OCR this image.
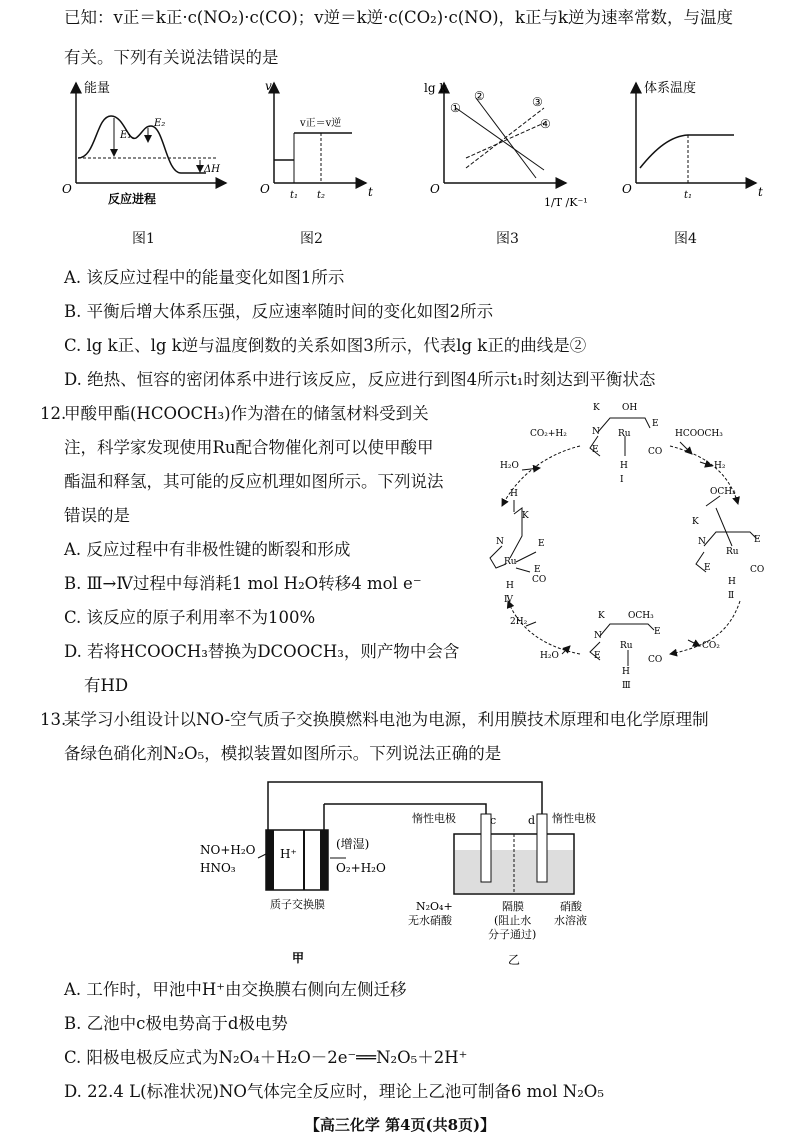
已知：v正＝k正·c(NO₂)·c(CO)；v逆＝k逆·c(CO₂)·c(NO)，k正与k逆为速率常数，与温度
有关。下列有关说法错误的是
O
能量
反应进程
E₁
E₂
ΔH
O
v
t
v正＝v逆
t₁ t₂	O
lg k
1/T /K⁻¹
①
②	③
④
O
体系温度
t
t₁
图1	图2	图3	图4
A. 该反应过程中的能量变化如图1所示
B. 平衡后增大体系压强，反应速率随时间的变化如图2所示
C. lg k正、lg k逆与温度倒数的关系如图3所示，代表lg k正的曲线是②
D. 绝热、恒容的密闭体系中进行该反应，反应进行到图4所示t₁时刻达到平衡状态
12.
甲酸甲酯(HCOOCH₃)作为潜在的储氢材料受到关
注，科学家发现使用Ru配合物催化剂可以使甲酸甲
酯温和释氢，其可能的反应机理如图所示。下列说法
错误的是
A. 反应过程中有非极性键的断裂和形成
B. Ⅲ→Ⅳ过程中每消耗1 mol H₂O转移4 mol e⁻
C. 该反应的原子利用率不为100%
D. 若将HCOOCH₃替换为DCOOCH₃，则产物中会含
有HD
K OH
N Ru
E
E	CO
H
Ⅰ
OCH₃
K
N
Ru
E
E	CO
H
Ⅱ
K	OCH₃
N
Ru
E
E	CO
H
Ⅲ
H
K
N
Ru
E
E
CO
H
Ⅳ
CO₂+H₂
H₂O
HCOOCH₃
H₂
CO₂
2H₂
H₂O
13.
某学习小组设计以NO-空气质子交换膜燃料电池为电源，利用膜技术原理和电化学原理制
备绿色硝化剂N₂O₅，模拟装置如图所示。下列说法正确的是
H⁺
NO+H₂O
HNO₃
(增湿)
O₂+H₂O
质子交换膜
甲
c	d
惰性电极	惰性电极
N₂O₄+
无水硝酸
隔膜
(阻止水
分子通过)
硝酸
水溶液
乙
A. 工作时，甲池中H⁺由交换膜右侧向左侧迁移
B. 乙池中c极电势高于d极电势
C. 阳极电极反应式为N₂O₄＋H₂O－2e⁻══N₂O₅＋2H⁺
D. 22.4 L(标准状况)NO气体完全反应时，理论上乙池可制备6 mol N₂O₅
【高三化学 第4页(共8页)】
